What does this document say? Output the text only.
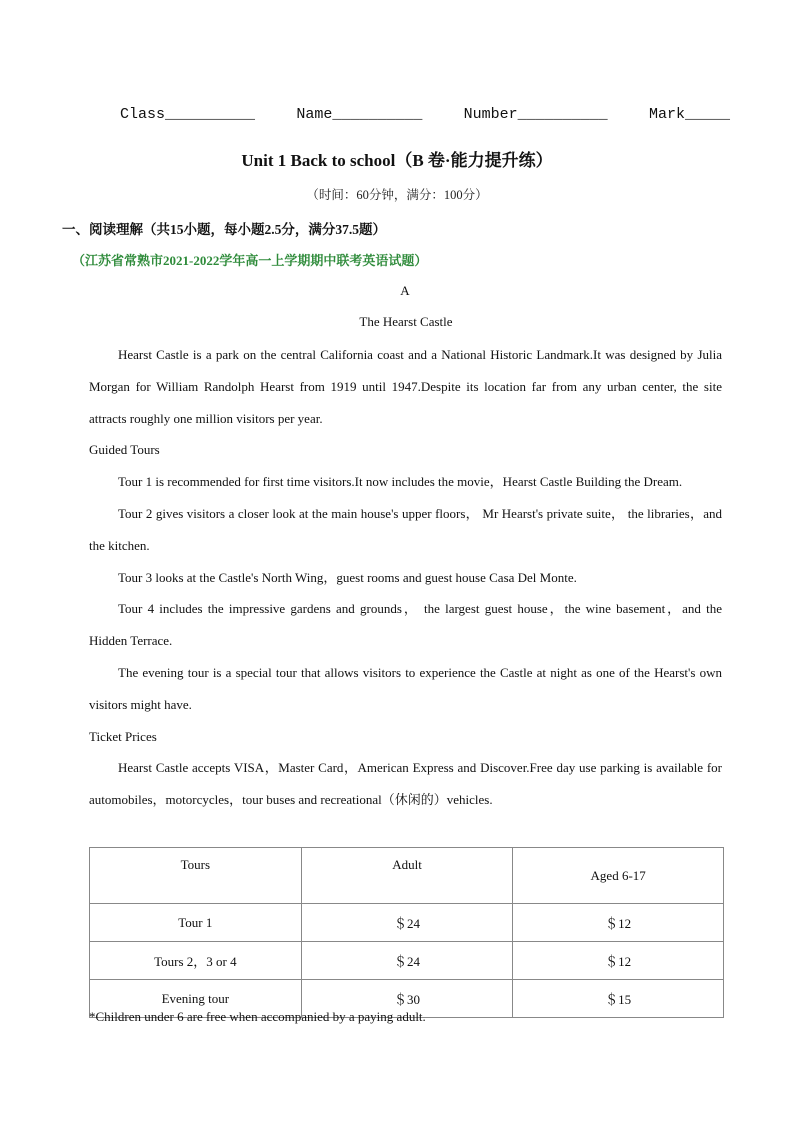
Class__________	Name__________	Number__________	Mark_____
Unit 1 Back to school（B 卷·能力提升练）
（时间：60分钟，满分：100分）
一、阅读理解（共15小题，每小题2.5分，满分37.5题）
（江苏省常熟市2021-2022学年高一上学期期中联考英语试题）
A
The Hearst Castle

Hearst Castle is a park on the central California coast and a National Historic Landmark.It was designed by Julia Morgan for William Randolph Hearst from 1919 until 1947.Despite its location far from any urban center, the site attracts roughly one million visitors per year.

Guided Tours

Tour 1 is recommended for first time visitors.It now includes the movie，Hearst Castle Building the Dream.

Tour 2 gives visitors a closer look at the main house's upper floors， Mr Hearst's private suite， the libraries，and the kitchen.

Tour 3 looks at the Castle's North Wing，guest rooms and guest house Casa Del Monte.

Tour 4 includes the impressive gardens and grounds， the largest guest house，the wine basement，and the Hidden Terrace.

The evening tour is a special tour that allows visitors to experience the Castle at night as one of the Hearst's own visitors might have.

Ticket Prices

Hearst Castle accepts VISA，Master Card，American Express and Discover.Free day use parking is available for automobiles，motorcycles，tour buses and recreational（休闲的）vehicles.

Tours	Adult	Aged 6-17
Tour 1	＄24	＄12
Tours 2，3 or 4	＄24	＄12
Evening tour	＄30	＄15
*Children under 6 are free when accompanied by a paying adult.
